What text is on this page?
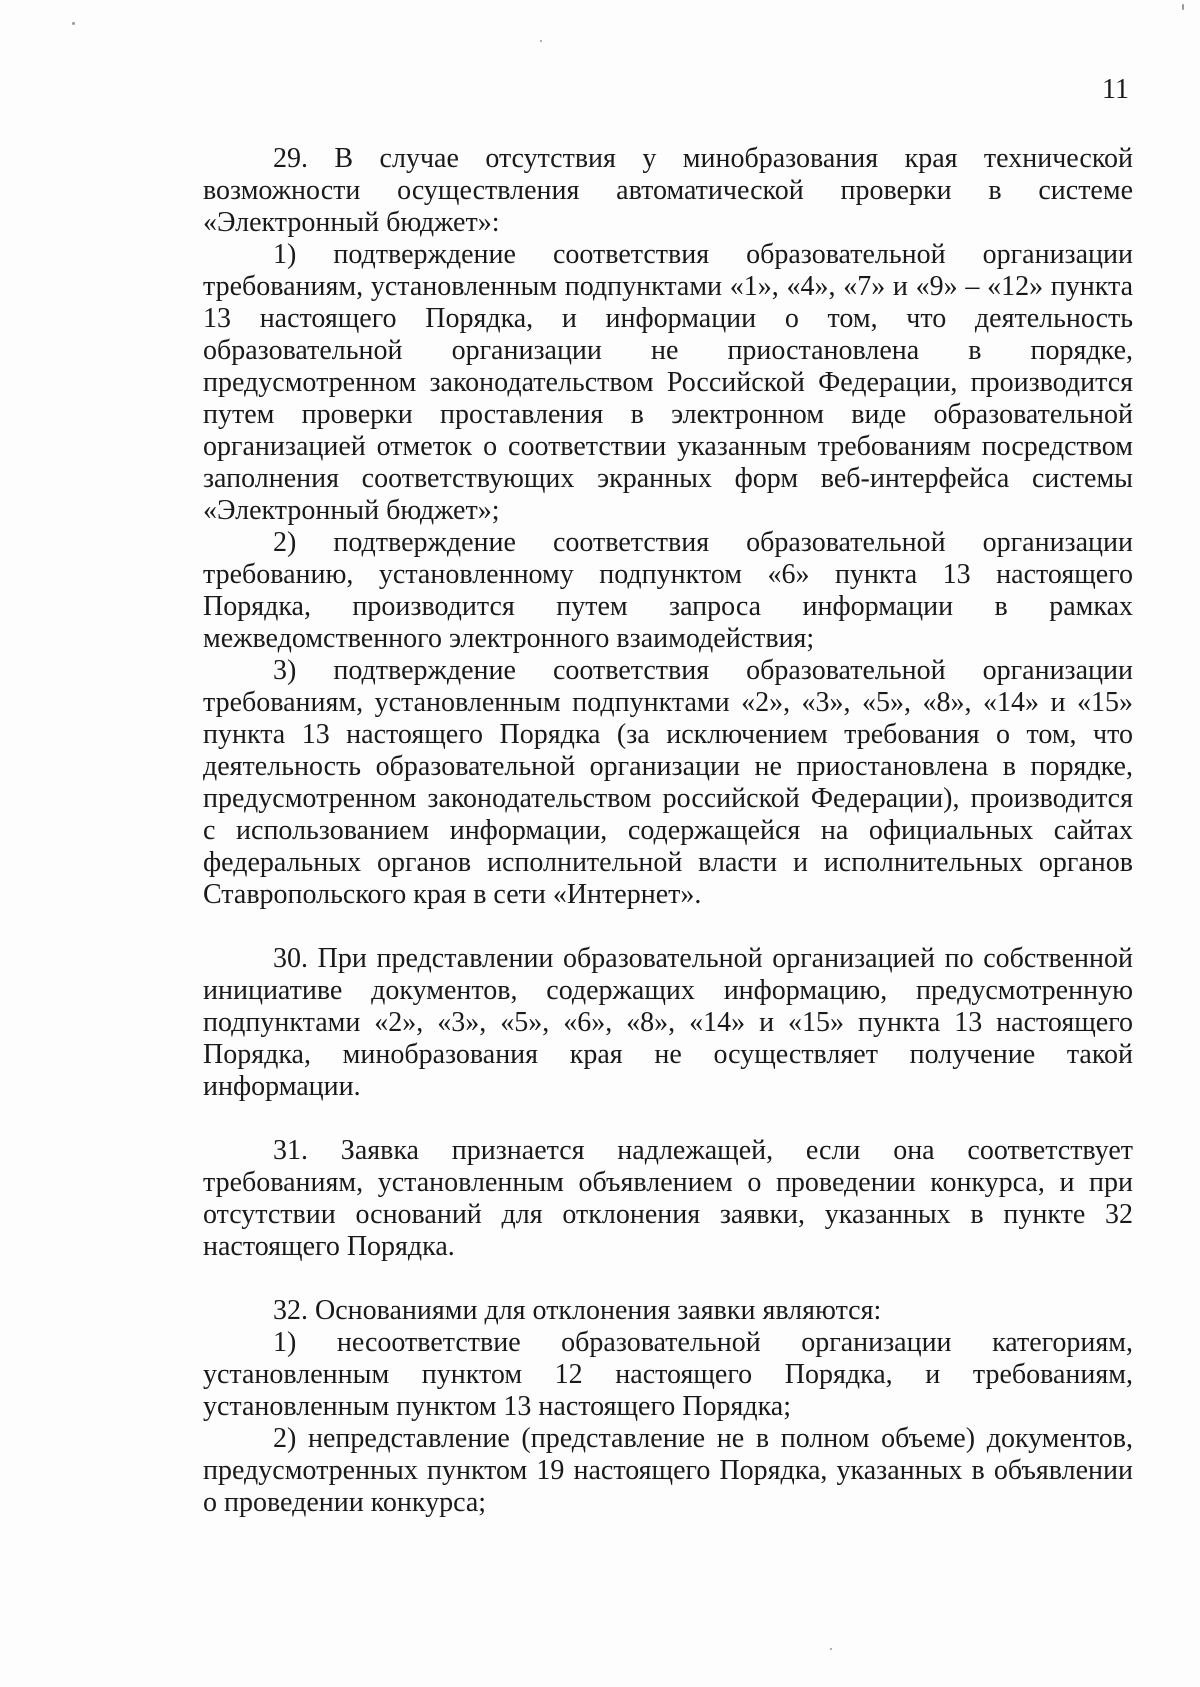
11

29. В случае отсутствия у минобразования края технической возможности осуществления автоматической проверки в системе «Электронный бюджет»:

1) подтверждение соответствия образовательной организации требованиям, установленным подпунктами «1», «4», «7» и «9» – «12» пункта 13 настоящего Порядка, и информации о том, что деятельность образовательной организации не приостановлена в порядке, предусмотренном законодательством Российской Федерации, производится путем проверки проставления в электронном виде образовательной организацией отметок о соответствии указанным требованиям посредством заполнения соответствующих экранных форм веб-интерфейса системы «Электронный бюджет»;

2) подтверждение соответствия образовательной организации требованию, установленному подпунктом «6» пункта 13 настоящего Порядка, производится путем запроса информации в рамках межведомственного электронного взаимодействия;

3) подтверждение соответствия образовательной организации требованиям, установленным подпунктами «2», «3», «5», «8», «14» и «15» пункта 13 настоящего Порядка (за исключением требования о том, что деятельность образовательной организации не приостановлена в порядке, предусмотренном законодательством российской Федерации), производится с использованием информации, содержащейся на официальных сайтах федеральных органов исполнительной власти и исполнительных органов Ставропольского края в сети «Интернет».

30. При представлении образовательной организацией по собственной инициативе документов, содержащих информацию, предусмотренную подпунктами «2», «3», «5», «6», «8», «14» и «15» пункта 13 настоящего Порядка, минобразования края не осуществляет получение такой информации.

31. Заявка признается надлежащей, если она соответствует требованиям, установленным объявлением о проведении конкурса, и при отсутствии оснований для отклонения заявки, указанных в пункте 32 настоящего Порядка.

32. Основаниями для отклонения заявки являются:

1) несоответствие образовательной организации категориям, установленным пунктом 12 настоящего Порядка, и требованиям, установленным пунктом 13 настоящего Порядка;

2) непредставление (представление не в полном объеме) документов, предусмотренных пунктом 19 настоящего Порядка, указанных в объявлении о проведении конкурса;
